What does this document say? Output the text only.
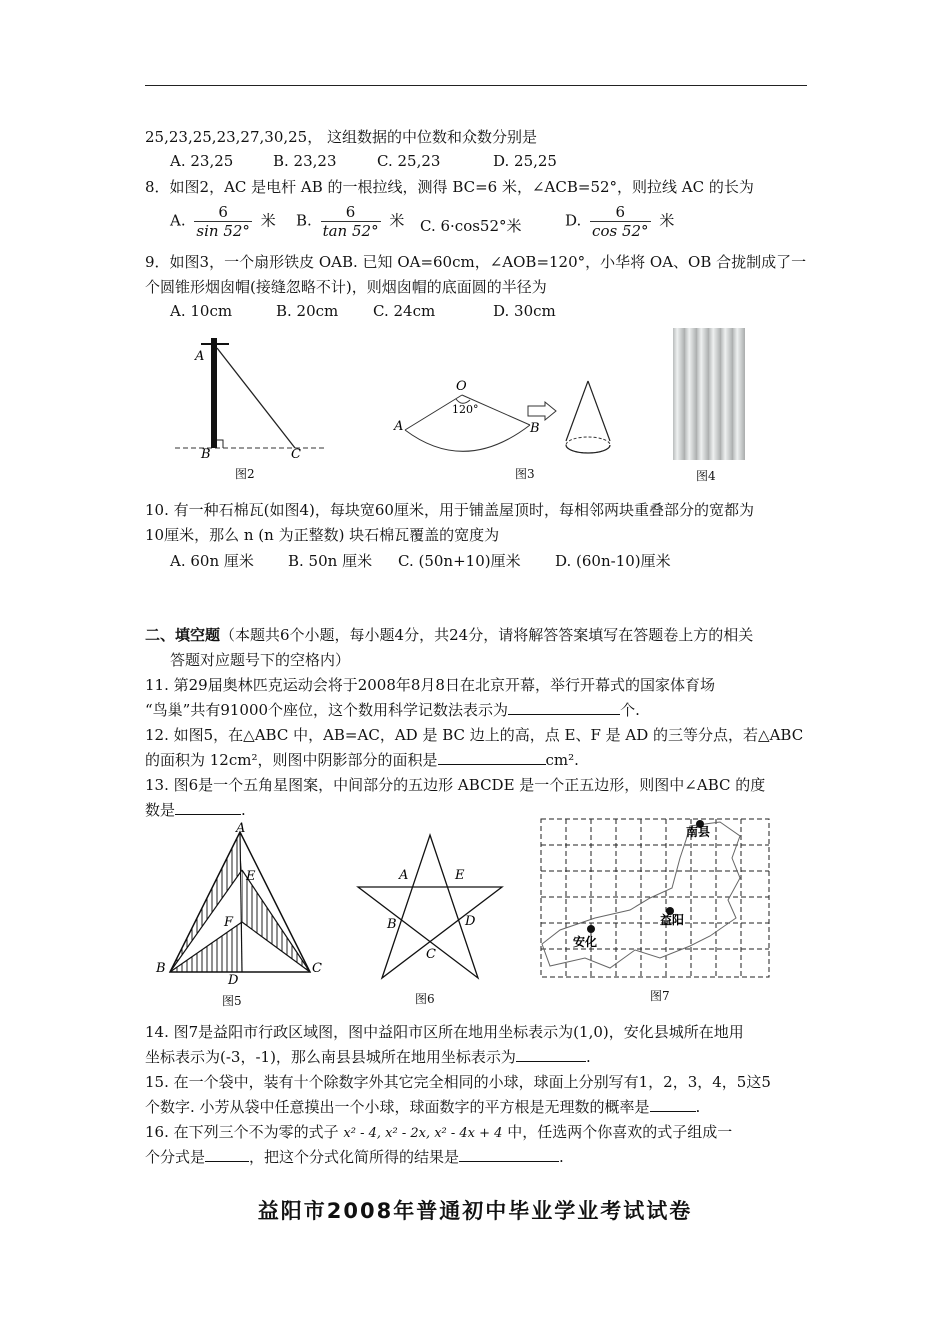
25,23,25,23,27,30,25， 这组数据的中位数和众数分别是
A. 23,25	B. 23,23	C. 25,23	D. 25,25
8．如图2，AC 是电杆 AB 的一根拉线，测得 BC=6 米，∠ACB=52°，则拉线 AC 的长为
A. $\frac{6}{\sin 52^\circ}$ 米 B. $\frac{6}{\tan 52^\circ}$ 米 C. 6·cos52°米	D. $\frac{6}{\cos 52^\circ}$ 米
9．如图3，一个扇形铁皮 OAB. 已知 OA=60cm，∠AOB=120°，小华将 OA、OB 合拢制成了一
个圆锥形烟囱帽(接缝忽略不计)，则烟囱帽的底面圆的半径为
A. 10cm	B. 20cm C. 24cm	D. 30cm
A
B	C
图2
O
120°
A	B
图3	图4
10. 有一种石棉瓦(如图4)，每块宽60厘米，用于铺盖屋顶时，每相邻两块重叠部分的宽都为
10厘米，那么 n (n 为正整数) 块石棉瓦覆盖的宽度为
A. 60n 厘米 B. 50n 厘米 C. (50n+10)厘米 D. (60n-10)厘米
二、填空题（本题共6个小题，每小题4分，共24分，请将解答答案填写在答题卷上方的相关
答题对应题号下的空格内）
11. 第29届奥林匹克运动会将于2008年8月8日在北京开幕，举行开幕式的国家体育场
“鸟巢”共有91000个座位，这个数用科学记数法表示为	个.
12. 如图5，在△ABC 中，AB=AC，AD 是 BC 边上的高，点 E、F 是 AD 的三等分点，若△ABC
的面积为 12cm²，则图中阴影部分的面积是	cm².
13. 图6是一个五角星图案，中间部分的五边形 ABCDE 是一个正五边形，则图中∠ABC 的度
数是	.
A
E
F
B	C
D
图5
A	E
B	D
C
图6
南县
益阳
安化
图7
14. 图7是益阳市行政区域图，图中益阳市区所在地用坐标表示为(1,0)，安化县城所在地用
坐标表示为(-3，-1)，那么南县县城所在地用坐标表示为	.
15. 在一个袋中，装有十个除数字外其它完全相同的小球，球面上分别写有1，2，3，4，5这5
个数字. 小芳从袋中任意摸出一个小球，球面数字的平方根是无理数的概率是	.
16. 在下列三个不为零的式子 x² - 4, x² - 2x, x² - 4x + 4 中，任选两个你喜欢的式子组成一
个分式是	，把这个分式化简所得的结果是	.
益阳市2008年普通初中毕业学业考试试卷
